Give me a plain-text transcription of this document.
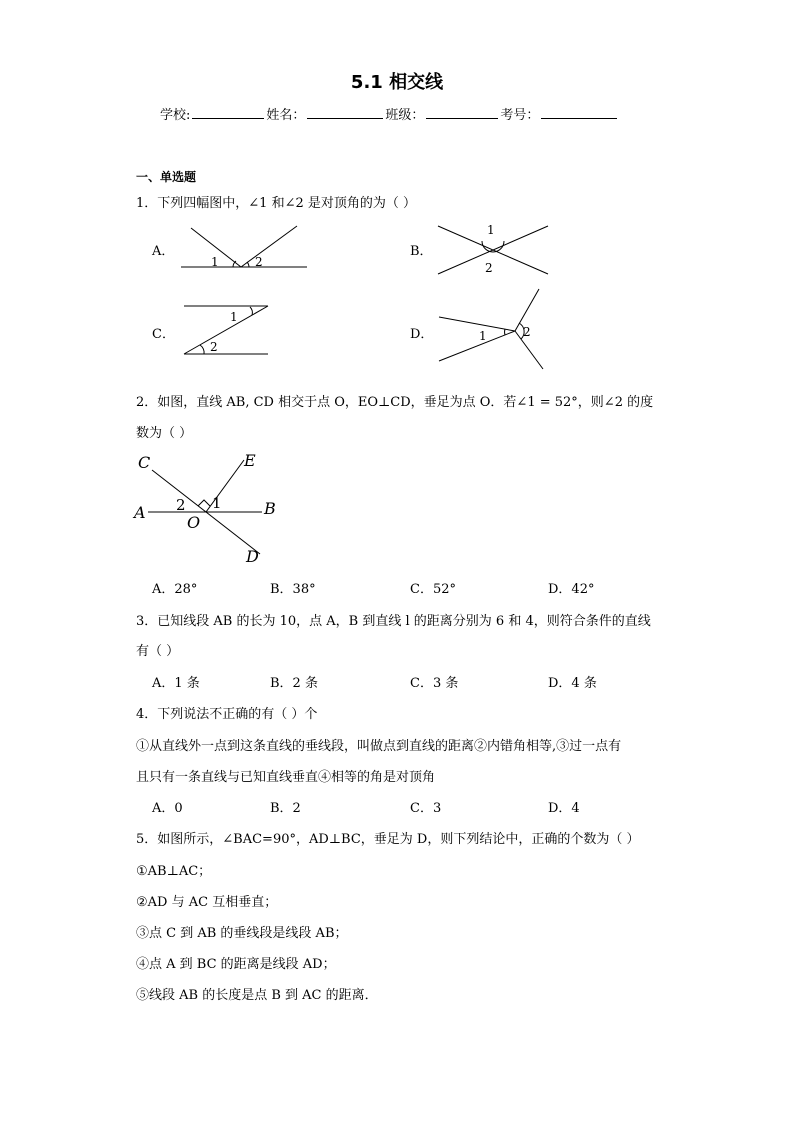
5.1 相交线
学校:	姓名：	班级：	考号：
一、单选题
1．下列四幅图中，∠1 和∠2 是对顶角的为（ ）
A．
1	2
B．
1
2
C．
1
2
D．	1	2
2．如图，直线 AB, CD 相交于点 O，EO⊥CD，垂足为点 O．若∠1 = 52°，则∠2 的度
数为（ ）
C	E
A	B
O
D
1
2
A．28°	B．38°	C．52°	D．42°
3．已知线段 AB 的长为 10，点 A，B 到直线 l 的距离分别为 6 和 4，则符合条件的直线
有（ ）
A．1 条	B．2 条	C．3 条	D．4 条
4．下列说法不正确的有（ ）个
①从直线外一点到这条直线的垂线段，叫做点到直线的距离②内错角相等,③过一点有
且只有一条直线与已知直线垂直④相等的角是对顶角
A．0	B．2	C．3	D．4
5．如图所示，∠BAC=90°，AD⊥BC，垂足为 D，则下列结论中，正确的个数为（ ）
①AB⊥AC；
②AD 与 AC 互相垂直；
③点 C 到 AB 的垂线段是线段 AB；
④点 A 到 BC 的距离是线段 AD；
⑤线段 AB 的长度是点 B 到 AC 的距离．
